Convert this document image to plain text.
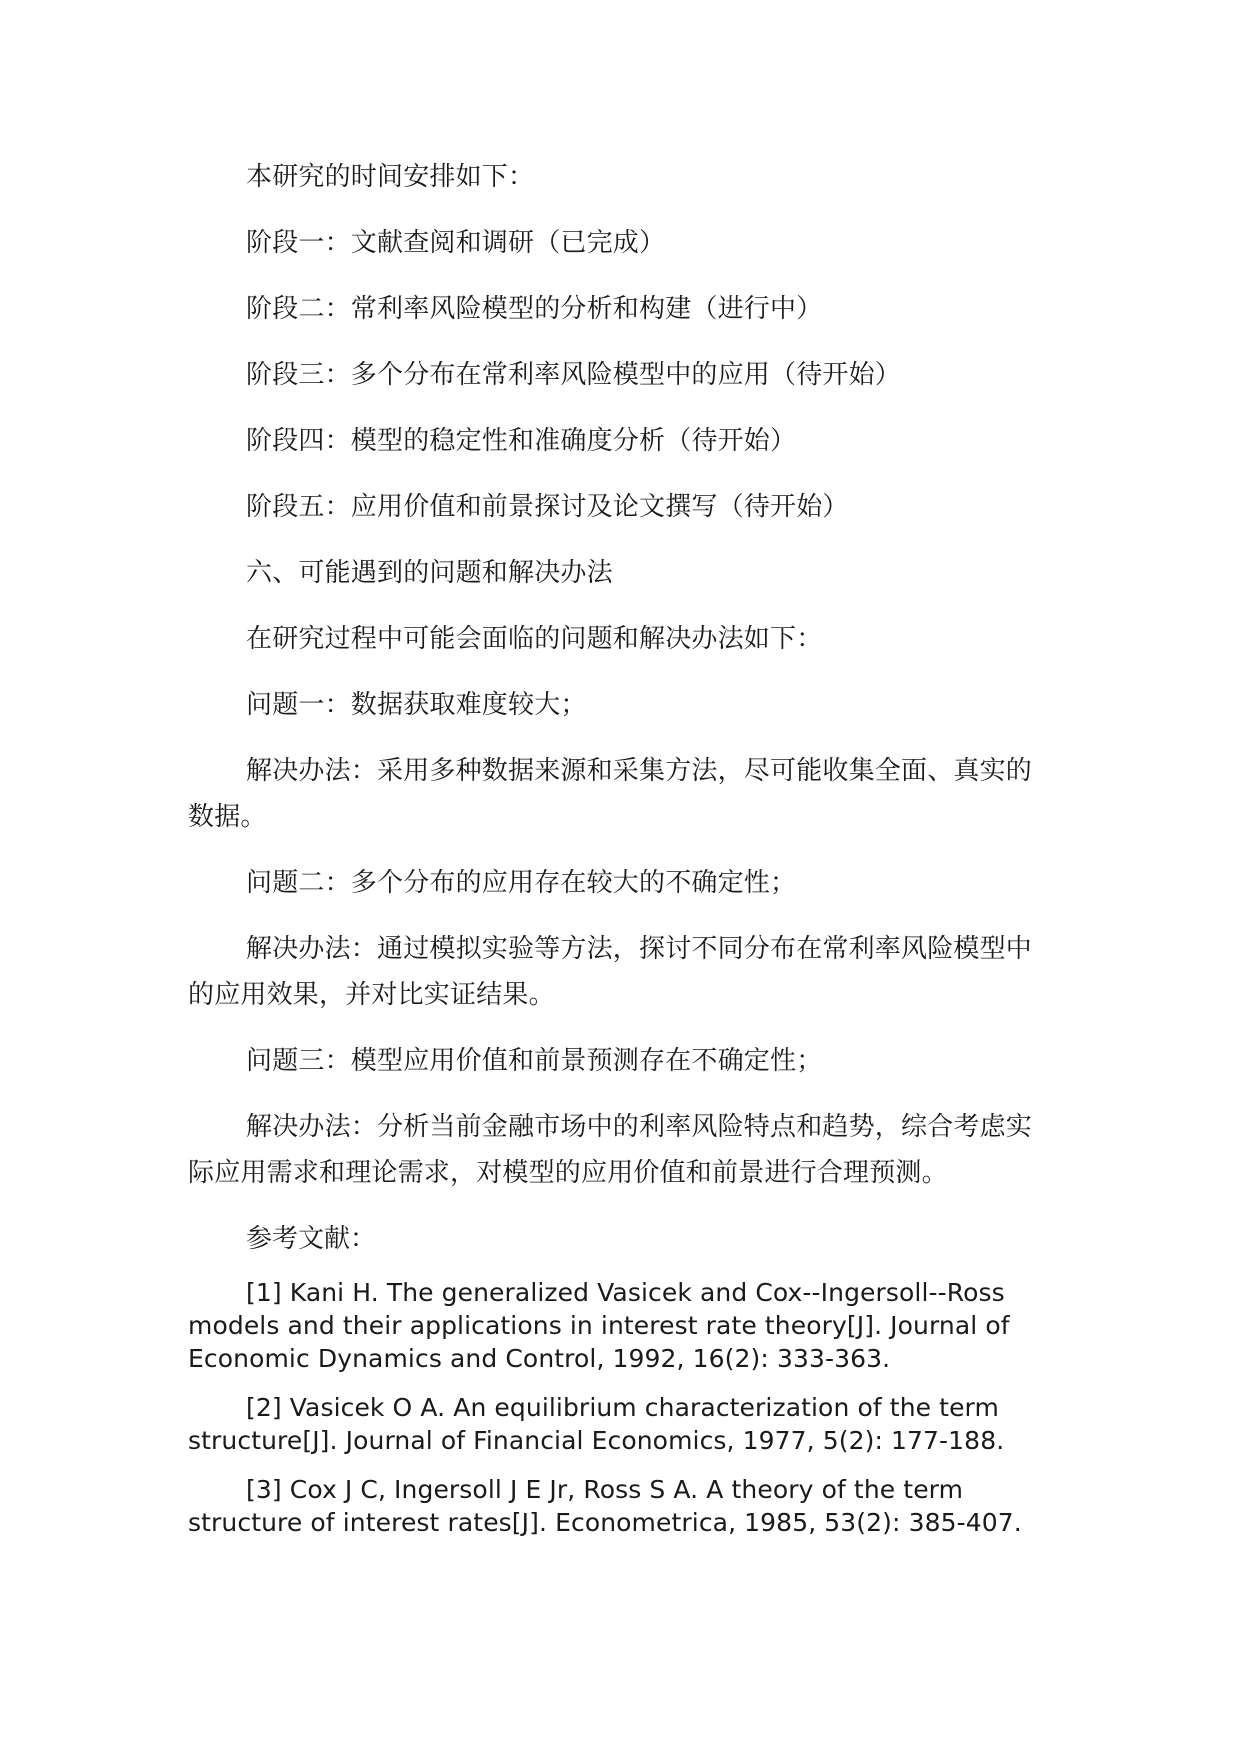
本研究的时间安排如下：

阶段一：文献查阅和调研（已完成）

阶段二：常利率风险模型的分析和构建（进行中）

阶段三：多个分布在常利率风险模型中的应用（待开始）

阶段四：模型的稳定性和准确度分析（待开始）

阶段五：应用价值和前景探讨及论文撰写（待开始）

六、可能遇到的问题和解决办法

在研究过程中可能会面临的问题和解决办法如下：

问题一：数据获取难度较大；

解决办法：采用多种数据来源和采集方法，尽可能收集全面、真实的数据。

问题二：多个分布的应用存在较大的不确定性；

解决办法：通过模拟实验等方法，探讨不同分布在常利率风险模型中的应用效果，并对比实证结果。

问题三：模型应用价值和前景预测存在不确定性；

解决办法：分析当前金融市场中的利率风险特点和趋势，综合考虑实际应用需求和理论需求，对模型的应用价值和前景进行合理预测。

参考文献：

[1] Kani H. The generalized Vasicek and Cox--Ingersoll--Ross models and their applications in interest rate theory[J]. Journal of Economic Dynamics and Control, 1992, 16(2): 333-363.

[2] Vasicek O A. An equilibrium characterization of the term structure[J]. Journal of Financial Economics, 1977, 5(2): 177-188.

[3] Cox J C, Ingersoll J E Jr, Ross S A. A theory of the term structure of interest rates[J]. Econometrica, 1985, 53(2): 385-407.
